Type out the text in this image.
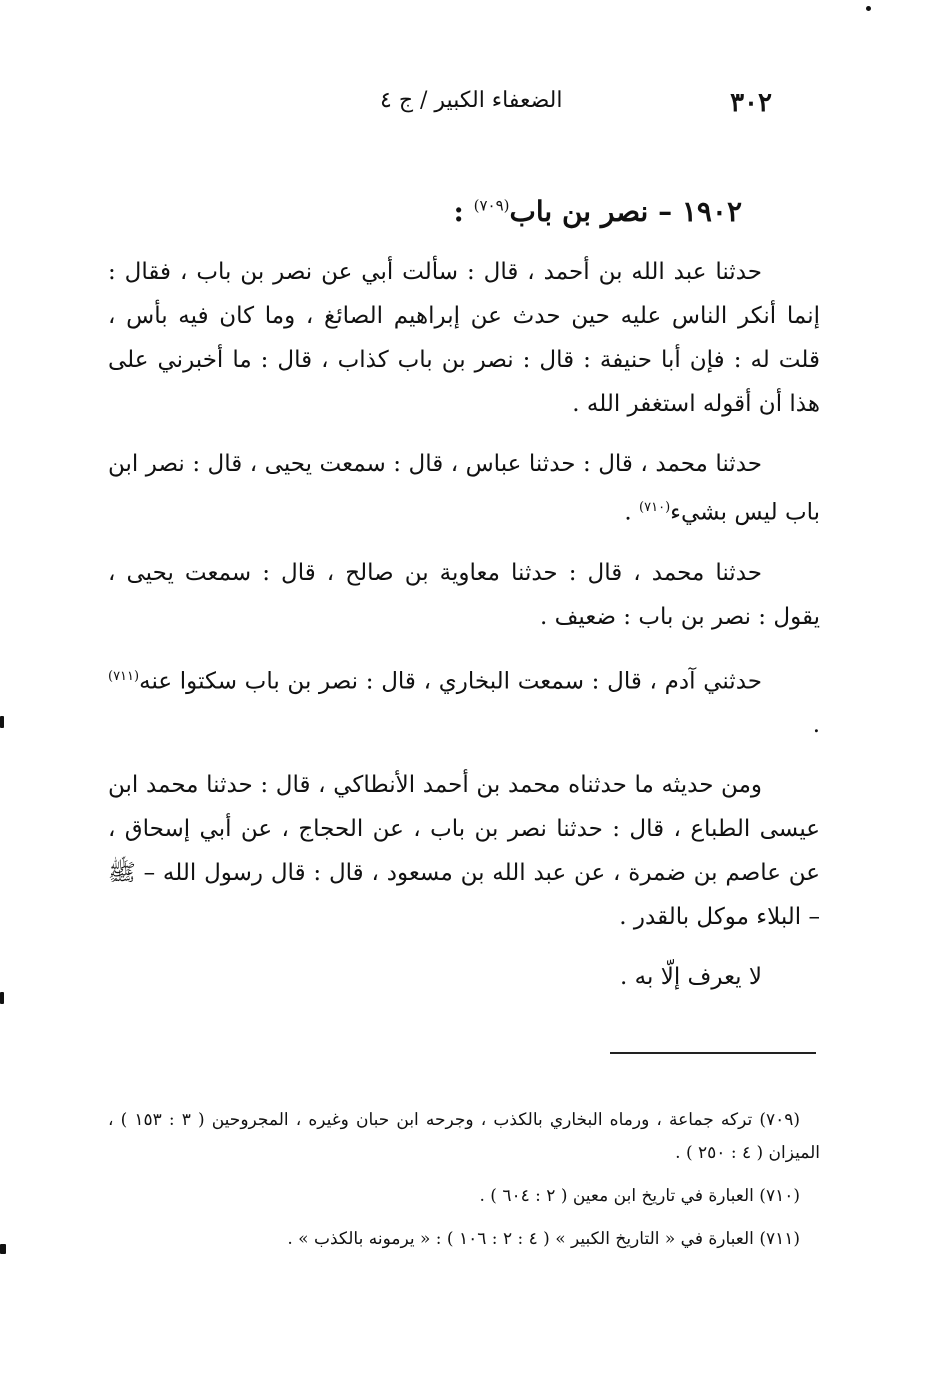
٣٠٢
الضعفاء الكبير / ج ٤
١٩٠٢ – نصر بن باب$^{(٧٠٩)}$ :

حدثنا عبد الله بن أحمد ، قال : سألت أبي عن نصر بن باب ، فقال : إنما أنكر الناس عليه حين حدث عن إبراهيم الصائغ ، وما كان فيه بأس ، قلت له : فإن أبا حنيفة : قال : نصر بن باب كذاب ، قال : ما أخبرني على هذا أن أقوله استغفر الله .

حدثنا محمد ، قال : حدثنا عباس ، قال : سمعت يحيى ، قال : نصر ابن باب ليس بشيء$^{(٧١٠)}$ .

حدثنا محمد ، قال : حدثنا معاوية بن صالح ، قال : سمعت يحيى ، يقول : نصر بن باب : ضعيف .

حدثني آدم ، قال : سمعت البخاري ، قال : نصر بن باب سكتوا عنه$^{(٧١١)}$ .

ومن حديثه ما حدثناه محمد بن أحمد الأنطاكي ، قال : حدثنا محمد ابن عيسى الطباع ، قال : حدثنا نصر بن باب ، عن الحجاج ، عن أبي إسحاق ، عن عاصم بن ضمرة ، عن عبد الله بن مسعود ، قال : قال رسول الله – ﷺ – البلاء موكل بالقدر .

لا يعرف إلّا به .

(٧٠٩) تركه جماعة ، ورماه البخاري بالكذب ، وجرحه ابن حبان وغيره ، المجروحين ( ٣ : ١٥٣ ) ، الميزان ( ٤ : ٢٥٠ ) .

(٧١٠) العبارة في تاريخ ابن معين ( ٢ : ٦٠٤ ) .

(٧١١) العبارة في « التاريخ الكبير » ( ٤ : ٢ : ١٠٦ ) : « يرمونه بالكذب » .
